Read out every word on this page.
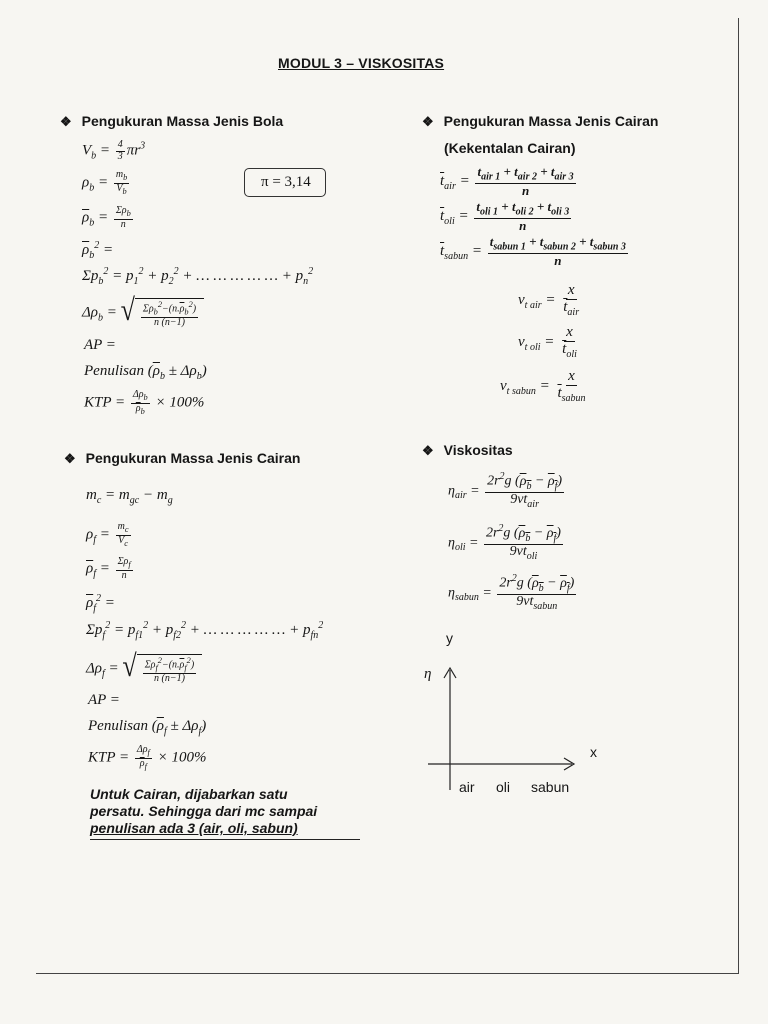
MODUL 3 – VISKOSITAS
❖ Pengukuran Massa Jenis Bola
$V_b = \frac{4}{3} \pi r^3$
$\rho_b = \frac{m_b}{V_b}$	π = 3,14
$\overline{\rho}_b = \frac{\Sigma\rho_b}{n}$
$\overline{\rho}_b^2$ =
$\Sigma p_b^2 = p_1^2 + p_2^2$ + … … … … … + $p_n^2$
$\Delta\rho_b$ = √ $\frac{\Sigma\rho_b^2-(n.\overline{\rho}_b^2)}{n (n-1)}$
AP =
Penulisan $(\overline{\rho}_b \pm \Delta\rho_b)$
KTP = $\frac{\Delta\rho_b}{\overline{\rho}_b} \times 100\%$
❖ Pengukuran Massa Jenis Cairan
$m_c = m_{gc} - m_g$
$\rho_f = \frac{m_c}{V_c}$
$\overline{\rho}_f = \frac{\Sigma\rho_f}{n}$
$\overline{\rho}_f^2$ =
$\Sigma p_f^2 = p_{f1}^2 + p_{f2}^2$ + … … … … … + $p_{fn}^2$
$\Delta\rho_f$ = √ $\frac{\Sigma\rho_f^2-(n.\overline{\rho}_f^2)}{n (n-1)}$
AP =
Penulisan $(\overline{\rho}_f \pm \Delta\rho_f)$
KTP = $\frac{\Delta\rho_f}{\overline{\rho}_f} \times 100\%$
Untuk Cairan, dijabarkan satu
persatu. Sehingga dari mc sampai
penulisan ada 3 (air, oli, sabun)
❖ Pengukuran Massa Jenis Cairan
(Kekentalan Cairan)
$\overline{t}_{air} = \frac{t_{air 1} + t_{air 2} + t_{air 3}}{n}$
$\overline{t}_{oli} = \frac{t_{oli 1} + t_{oli 2} + t_{oli 3}}{n}$
$\overline{t}_{sabun} = \frac{t_{sabun 1} + t_{sabun 2} + t_{sabun 3}}{n}$
$v_{t air} = \frac{x}{\overline{t}_{air}}$
$v_{t oli} = \frac{x}{\overline{t}_{oli}}$
$v_{t sabun} = \frac{x}{\overline{t}_{sabun}}$
❖ Viskositas
$\eta_{air} = \frac{2r^2g (\rho_b - \rho_f)}{9vt_{air}}$
$\eta_{oli} = \frac{2r^2g (\rho_b - \rho_f)}{9vt_{oli}}$
$\eta_{sabun} = \frac{2r^2g (\rho_b - \rho_f)}{9vt_{sabun}}$
y
η
x
air oli sabun
